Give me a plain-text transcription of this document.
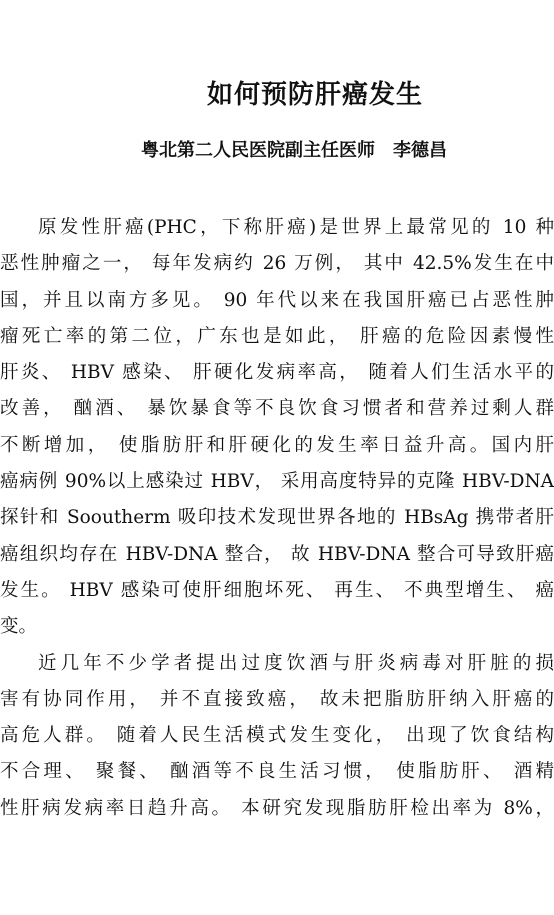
如何预防肝癌发生
粤北第二人民医院副主任医师 李德昌
原发性肝癌(PHC，下称肝癌)是世界上最常见的 10 种
恶性肿瘤之一， 每年发病约 26 万例， 其中 42.5%发生在中
国，并且以南方多见。 90 年代以来在我国肝癌已占恶性肿
瘤死亡率的第二位，广东也是如此， 肝癌的危险因素慢性
肝炎、 HBV 感染、 肝硬化发病率高， 随着人们生活水平的
改善， 酗酒、 暴饮暴食等不良饮食习惯者和营养过剩人群
不断增加， 使脂肪肝和肝硬化的发生率日益升高。国内肝
癌病例 90%以上感染过 HBV， 采用高度特异的克隆 HBV-DNA
探针和 Sooutherm 吸印技术发现世界各地的 HBsAg 携带者肝
癌组织均存在 HBV-DNA 整合， 故 HBV-DNA 整合可导致肝癌
发生。 HBV 感染可使肝细胞坏死、 再生、 不典型增生、 癌
变。
近几年不少学者提出过度饮酒与肝炎病毒对肝脏的损
害有协同作用， 并不直接致癌， 故未把脂肪肝纳入肝癌的
高危人群。 随着人民生活模式发生变化， 出现了饮食结构
不合理、 聚餐、 酗酒等不良生活习惯， 使脂肪肝、 酒精
性肝病发病率日趋升高。 本研究发现脂肪肝检出率为 8%，
